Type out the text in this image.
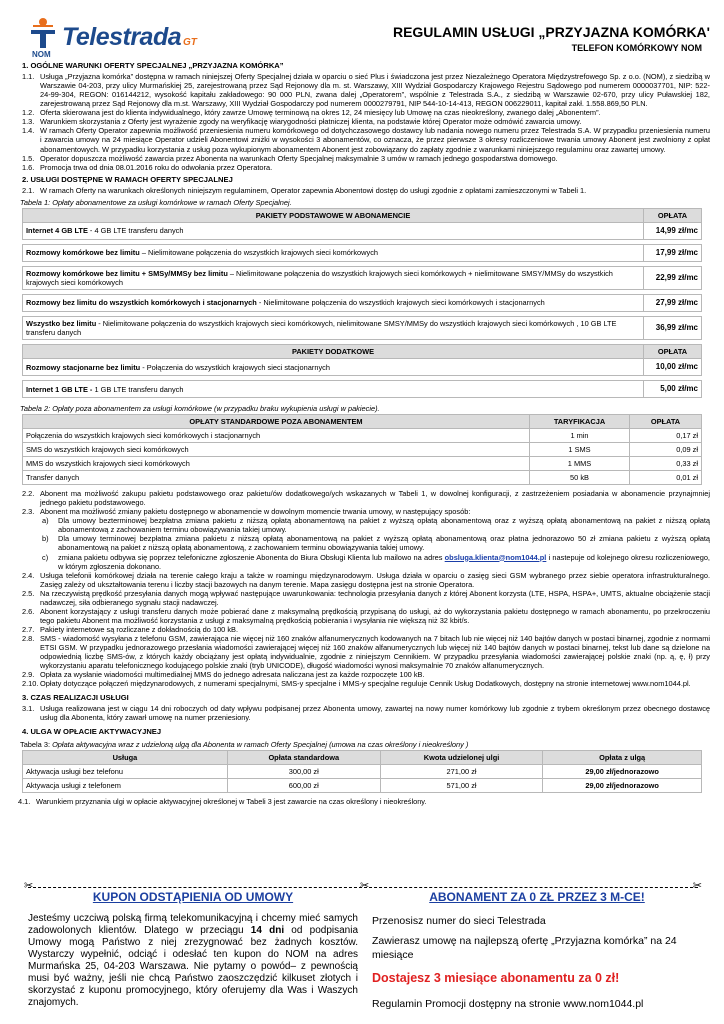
Telestrada GT
NOM
REGULAMIN USŁUGI „PRZYJAZNA KOMÓRKA'
TELEFON KOMÓRKOWY NOM
1. OGÓLNE WARUNKI OFERTY SPECJALNEJ „PRZYJAZNA KOMÓRKA”
1.1. Usługa „Przyjazna komórka” dostępna w ramach niniejszej Oferty Specjalnej działa w oparciu o sieć Plus i świadczona jest przez Niezależnego Operatora Międzystrefowego Sp. z o.o. (NOM), z siedzibą w Warszawie 04-203, przy ulicy Murmańskiej 25, zarejestrowaną przez Sąd Rejonowy dla m. st. Warszawy, XIII Wydział Gospodarczy Krajowego Rejestru Sądowego pod numerem 0000037701, NIP: 522-24-99-304, REGON: 016144212, wysokość kapitału zakładowego: 90 000 PLN, zwana dalej „Operatorem”, wspólnie z Telestrada S.A., z siedzibą w Warszawie 02-670, przy ulicy Puławskiej 182, zarejestrowaną przez Sąd Rejonowy dla m.st. Warszawy, XIII Wydział Gospodarczy pod numerem 0000279791, NIP 544-10-14-413, REGON 006229011, kapitał zakł. 1.558.869,50 PLN.
1.2. Oferta skierowana jest do klienta indywidualnego, który zawrze Umowę terminową na okres 12, 24 miesięcy lub Umowę na czas nieokreślony, zwanego dalej „Abonentem”.
1.3. Warunkiem skorzystania z Oferty jest wyrażenie zgody na weryfikację wiarygodności płatniczej klienta, na podstawie której Operator może odmówić zawarcia umowy.
1.4. W ramach Oferty Operator zapewnia możliwość przeniesienia numeru komórkowego od dotychczasowego dostawcy lub nadania nowego numeru przez Telestrada S.A. W przypadku przeniesienia numeru i zawarcia umowy na 24 miesiące Operator udzieli Abonentowi zniżki w wysokości 3 abonamentów, co oznacza, że przez pierwsze 3 okresy rozliczeniowe trwania umowy Abonent jest zwolniony z opłat abonamentowych. W przypadku korzystania z usług poza wykupionym abonamentem Abonent jest zobowiązany do zapłaty zgodnie z warunkami niniejszego regulaminu oraz zawartej umowy.
1.5. Operator dopuszcza możliwość zawarcia przez Abonenta na warunkach Oferty Specjalnej maksymalnie 3 umów w ramach jednego gospodarstwa domowego.
1.6. Promocja trwa od dnia 08.01.2016 roku do odwołania przez Operatora.
2. USŁUGI DOSTĘPNE W RAMACH OFERTY SPECJALNEJ
2.1. W ramach Oferty na warunkach określonych niniejszym regulaminem, Operator zapewnia Abonentowi dostęp do usługi zgodnie z opłatami zamieszczonymi w Tabeli 1.
Tabela 1: Opłaty abonamentowe za usługi komórkowe w ramach Oferty Specjalnej.
PAKIETY PODSTAWOWE W ABONAMENCIE	OPŁATA
Internet 4 GB LTE - 4 GB LTE transferu danych	14,99 zł/mc

Rozmowy komórkowe bez limitu – Nielimitowane połączenia do wszystkich krajowych sieci komórkowych	17,99 zł/mc

Rozmowy komórkowe bez limitu + SMSy/MMSy bez limitu – Nielimitowane połączenia do wszystkich krajowych sieci komórkowych + nielimitowane SMSY/MMSy do wszystkich krajowych sieci komórkowych	22,99 zł/mc

Rozmowy bez limitu do wszystkich komórkowych i stacjonarnych - Nielimitowane połączenia do wszystkich krajowych sieci komórkowych i stacjonarnych	27,99 zł/mc

Wszystko bez limitu - Nielimitowane połączenia do wszystkich krajowych sieci komórkowych, nielimitowane SMSY/MMSy do wszystkich krajowych sieci komórkowych , 10 GB LTE transferu danych	36,99 zł/mc

PAKIETY DODATKOWE	OPŁATA
Rozmowy stacjonarne bez limitu - Połączenia do wszystkich krajowych sieci stacjonarnych	10,00 zł/mc

Internet 1 GB LTE - 1 GB LTE transferu danych	5,00 zł/mc
Tabela 2: Opłaty poza abonamentem za usługi komórkowe (w przypadku braku wykupienia usługi w pakiecie).
OPŁATY STANDARDOWE POZA ABONAMENTEM	TARYFIKACJA	OPŁATA
Połączenia do wszystkich krajowych sieci komórkowych i stacjonarnych	1 min	0,17 zł
SMS do wszystkich krajowych sieci komórkowych	1 SMS	0,09 zł
MMS do wszystkich krajowych sieci komórkowych	1 MMS	0,33 zł
Transfer danych	50 kB	0,01 zł
2.2. Abonent ma możliwość zakupu pakietu podstawowego oraz pakietu/ów dodatkowego/ych wskazanych w Tabeli 1, w dowolnej konfiguracji, z zastrzeżeniem posiadania w abonamencie przynajmniej jednego pakietu podstawowego.
2.3. Abonent ma możliwość zmiany pakietu dostępnego w abonamencie w dowolnym momencie trwania umowy, w następujący sposób:
a)	Dla umowy bezterminowej bezpłatna zmiana pakietu z niższą opłatą abonamentową na pakiet z wyższą opłatą abonamentową oraz z wyższą opłatą abonamentową na pakiet z niższą opłatą abonamentową z zachowaniem terminu obowiązywania takiej umowy.
b)	Dla umowy terminowej bezpłatna zmiana pakietu z niższą opłatą abonamentową na pakiet z wyższą opłatą abonamentową oraz płatna jednorazowo 50 zł zmiana pakietu z wyższą opłatą abonamentową na pakiet z niższą opłatą abonamentową, z zachowaniem terminu obowiązywania takiej umowy.
c)	zmiana pakietu odbywa się poprzez telefoniczne zgłoszenie Abonenta do Biura Obsługi Klienta lub mailowo na adres obsluga.klienta@nom1044.pl i nastepuje od kolejnego okresu rozliczeniowego, w którym zgłoszenia dokonano.
2.4. Usługa telefonii komórkowej działa na terenie całego kraju a także w roamingu międzynarodowym. Usługa działa w oparciu o zasięg sieci GSM wybranego przez siebie operatora infrastrukturalnego. Zasięg zależy od ukształtowania terenu i liczby stacji bazowych na danym terenie. Mapa zasięgu dostępna jest na stronie Operatora.
2.5. Na rzeczywistą prędkość przesyłania danych mogą wpływać następujące uwarunkowania: technologia przesyłania danych z której Abonent korzysta (LTE, HSPA, HSPA+, UMTS, aktualne obciążenie stacji nadawczej, siła odbieranego sygnału stacji nadawczej.
2.6. Abonent korzystający z usługi transferu danych może pobierać dane z maksymalną prędkością przypisaną do usługi, aż do wykorzystania pakietu dostępnego w ramach abonamentu, po przekroczeniu tego pakietu Abonent ma możliwość korzystania z usługi z maksymalną prędkością pobierania i wysyłania nie większą niż 32 kbit/s.
2.7. Pakiety internetowe są rozliczane z dokładnością do 100 kB.
2.8. SMS - wiadomość wysyłana z telefonu GSM, zawierająca nie więcej niż 160 znaków alfanumerycznych kodowanych na 7 bitach lub nie więcej niż 140 bajtów danych w postaci binarnej, zgodnie z normami ETSI GSM. W przypadku jednorazowego przesłania wiadomości zawierającej więcej niż 160 znaków alfanumerycznych lub więcej niż 140 bajtów danych w postaci binarnej, tekst lub dane są dzielone na odpowiednią liczbę SMS-ów, z których każdy obciążany jest opłatą indywidualnie, zgodnie z niniejszym Cennikiem. W przypadku przesyłania wiadomości zawierającej polskie znaki (np. ą, ę, ł) przy wykorzystaniu aparatu telefonicznego kodującego polskie znaki (tryb UNICODE), długość wiadomości wynosi maksymalnie 70 znaków alfanumerycznych.
2.9. Opłata za wysłanie wiadomości multimedialnej MMS do jednego adresata naliczana jest za każde rozpoczęte 100 kB.
2.10. Opłaty dotyczące połączeń międzynarodowych, z numerami specjalnymi, SMS-y specjalne i MMS-y specjalne reguluje Cennik Usług Dodatkowych, dostępny na stronie internetowej www.nom1044.pl.
3. CZAS REALIZACJI USŁUGI
3.1. Usługa realizowana jest w ciągu 14 dni roboczych od daty wpływu podpisanej przez Abonenta umowy, zawartej na nowy numer komórkowy lub zgodnie z trybem określonym przez obecnego dostawcę usług dla Abonenta, który zawarł umowę na numer przeniesiony.
4. ULGA W OPŁACIE AKTYWACYJNEJ
Tabela 3: Opłata aktywacyjna wraz z udzieloną ulgą dla Abonenta w ramach Oferty Specjalnej (umowa na czas określony i nieokreślony )
Usługa	Opłata standardowa	Kwota udzielonej ulgi	Opłata z ulgą
Aktywacja usługi bez telefonu	300,00 zł	271,00 zł	29,00 zł/jednorazowo
Aktywacja usługi z telefonem	600,00 zł	571,00 zł	29,00 zł/jednorazowo
4.1. Warunkiem przyznania ulgi w opłacie aktywacyjnej określonej w Tabeli 3 jest zawarcie na czas określony i nieokreślony.
✂	✂	✂
KUPON ODSTĄPIENIA OD UMOWY
Jesteśmy uczciwą polską firmą telekomunikacyjną i chcemy mieć samych zadowolonych klientów. Dlatego w przeciągu 14 dni od podpisania Umowy mogą Państwo z niej zrezygnować bez żadnych kosztów. Wystarczy wypełnić, odciąć i odesłać ten kupon do NOM na adres Murmańska 25, 04-203 Warszawa. Nie pytamy o powód– z pewnością musi być ważny, jeśli nie chcą Państwo zaoszczędzić kilkuset złotych i skorzystać z kuponu promocyjnego, który oferujemy dla Was i Waszych znajomych.
ABONAMENT ZA 0 ZŁ PRZEZ 3 M-CE!
Przenosisz numer do sieci Telestrada
Zawierasz umowę na najlepszą ofertę „Przyjazna komórka” na 24 miesiące
Dostajesz 3 miesiące abonamentu za 0 zł!
Regulamin Promocji dostępny na stronie www.nom1044.pl
